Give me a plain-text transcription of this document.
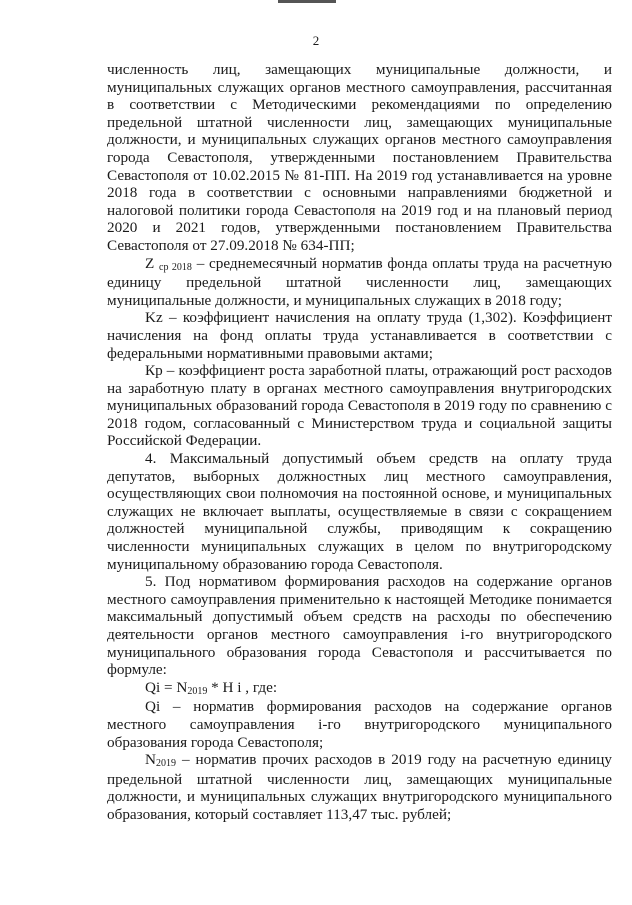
2

численность лиц, замещающих муниципальные должности, и муниципальных служащих органов местного самоуправления, рассчитанная в соответствии с Методическими рекомендациями по определению предельной штатной численности лиц, замещающих муниципальные должности, и муниципальных служащих органов местного самоуправления города Севастополя, утвержденными постановлением Правительства Севастополя от 10.02.2015 № 81-ПП. На 2019 год устанавливается на уровне 2018 года в соответствии с основными направлениями бюджетной и налоговой политики города Севастополя на 2019 год и на плановый период 2020 и 2021 годов, утвержденными постановлением Правительства Севастополя от 27.09.2018 № 634-ПП;

Z $_{ср 2018}$ – среднемесячный норматив фонда оплаты труда на расчетную единицу предельной штатной численности лиц, замещающих муниципальные должности, и муниципальных служащих в 2018 году;

Kz – коэффициент начисления на оплату труда (1,302). Коэффициент начисления на фонд оплаты труда устанавливается в соответствии с федеральными нормативными правовыми актами;

Кр – коэффициент роста заработной платы, отражающий рост расходов на заработную плату в органах местного самоуправления внутригородских муниципальных образований города Севастополя в 2019 году по сравнению с 2018 годом, согласованный с Министерством труда и социальной защиты Российской Федерации.

4. Максимальный допустимый объем средств на оплату труда депутатов, выборных должностных лиц местного самоуправления, осуществляющих свои полномочия на постоянной основе, и муниципальных служащих не включает выплаты, осуществляемые в связи с сокращением должностей муниципальной службы, приводящим к сокращению численности муниципальных служащих в целом по внутригородскому муниципальному образованию города Севастополя.

5. Под нормативом формирования расходов на содержание органов местного самоуправления применительно к настоящей Методике понимается максимальный допустимый объем средств на расходы по обеспечению деятельности органов местного самоуправления i-го внутригородского муниципального образования города Севастополя и рассчитывается по формуле:

$Qi = N_{2019} * Н$ i , где:

Qi – норматив формирования расходов на содержание органов местного самоуправления i-го внутригородского муниципального образования города Севастополя;

$N_{2019}$ – норматив прочих расходов в 2019 году на расчетную единицу предельной штатной численности лиц, замещающих муниципальные должности, и муниципальных служащих внутригородского муниципального образования, который составляет 113,47 тыс. рублей;
